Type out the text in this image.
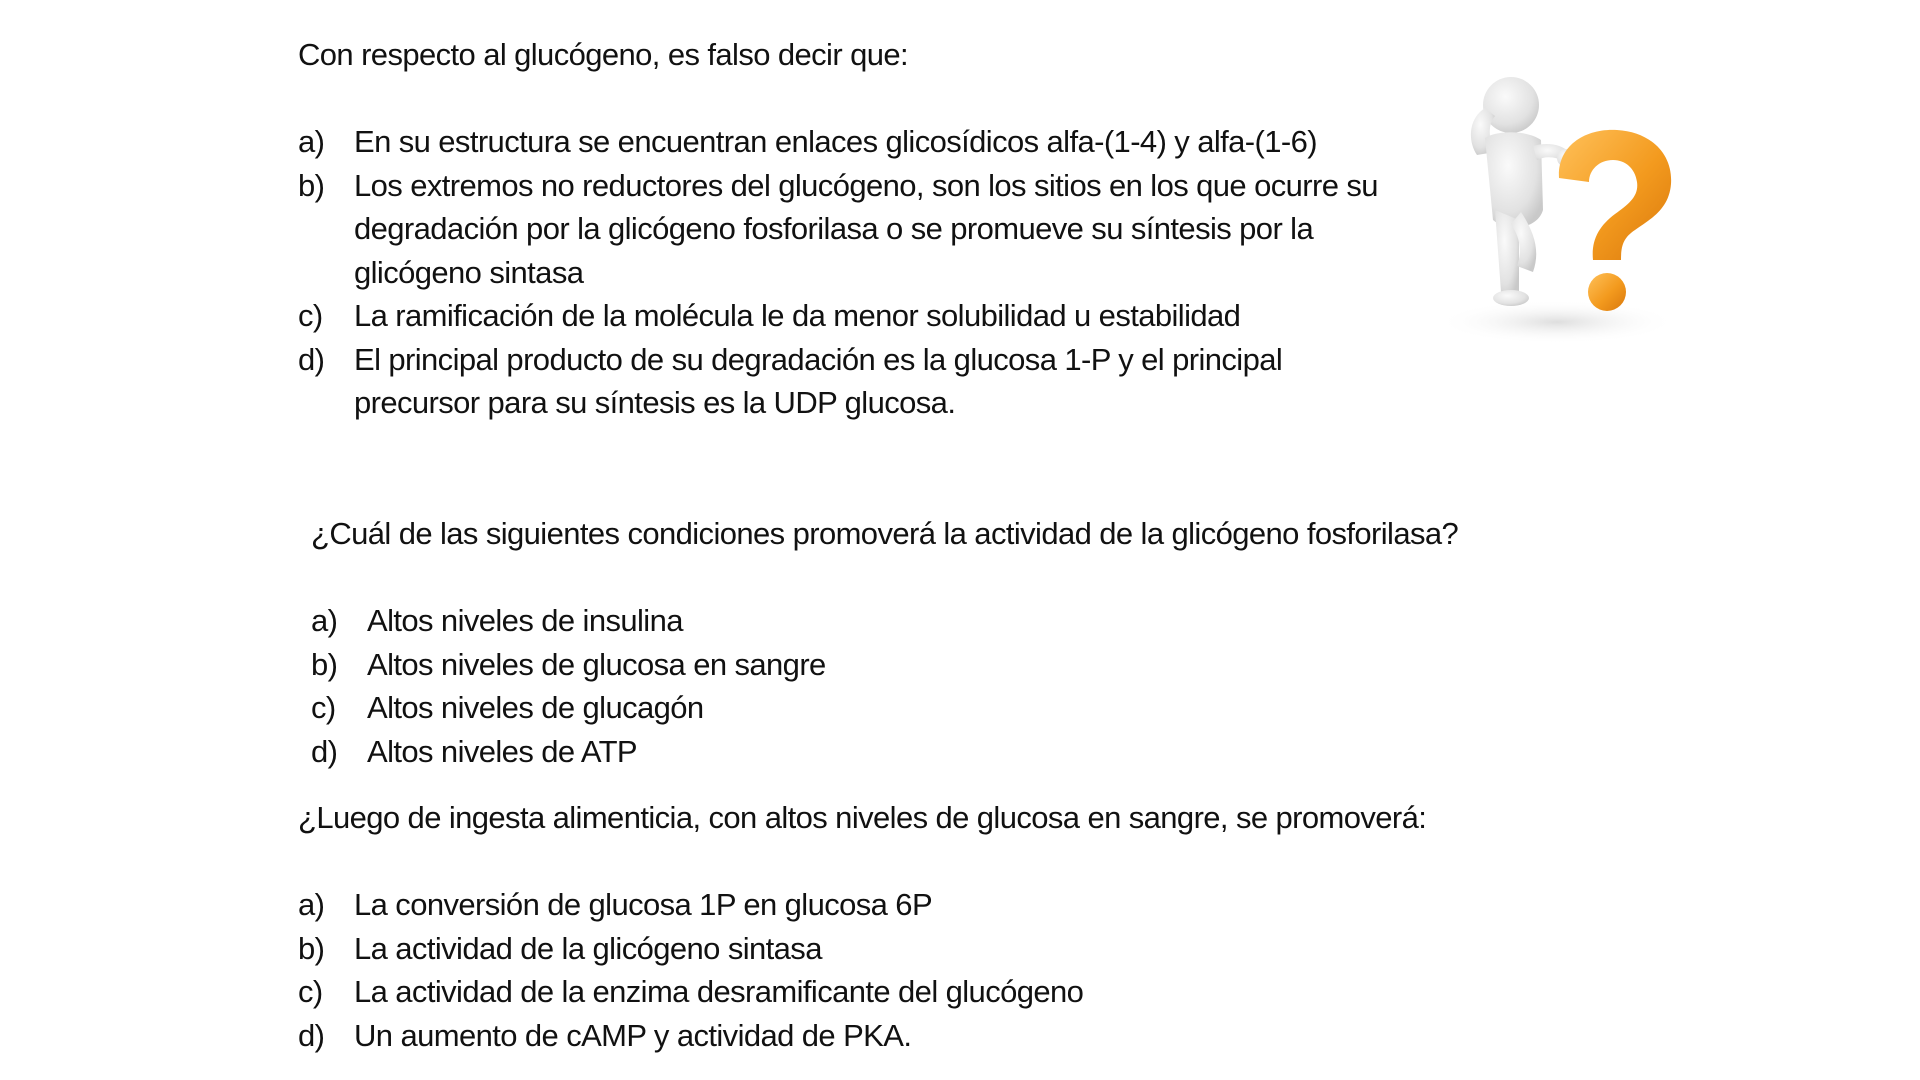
Con respecto al glucógeno, es falso decir que:
a) En su estructura se encuentran enlaces glicosídicos alfa-(1-4) y alfa-(1-6)
b) Los extremos no reductores del glucógeno, son los sitios en los que ocurre su degradación por la glicógeno fosforilasa o se promueve su síntesis por la glicógeno sintasa
c)	La ramificación de la molécula le da menor solubilidad u estabilidad
d) El principal producto de su degradación es la glucosa 1-P y el principal precursor para su síntesis es la UDP glucosa.
¿Cuál de las siguientes condiciones promoverá la actividad de la glicógeno fosforilasa?
a) Altos niveles de insulina
b) Altos niveles de glucosa en sangre
c)	Altos niveles de glucagón
d) Altos niveles de ATP
¿Luego de ingesta alimenticia, con altos niveles de glucosa en sangre, se promoverá:
a) La conversión de glucosa 1P en glucosa 6P
b) La actividad de la glicógeno sintasa
c)	La actividad de la enzima desramificante del glucógeno
d) Un aumento de cAMP y actividad de PKA.
